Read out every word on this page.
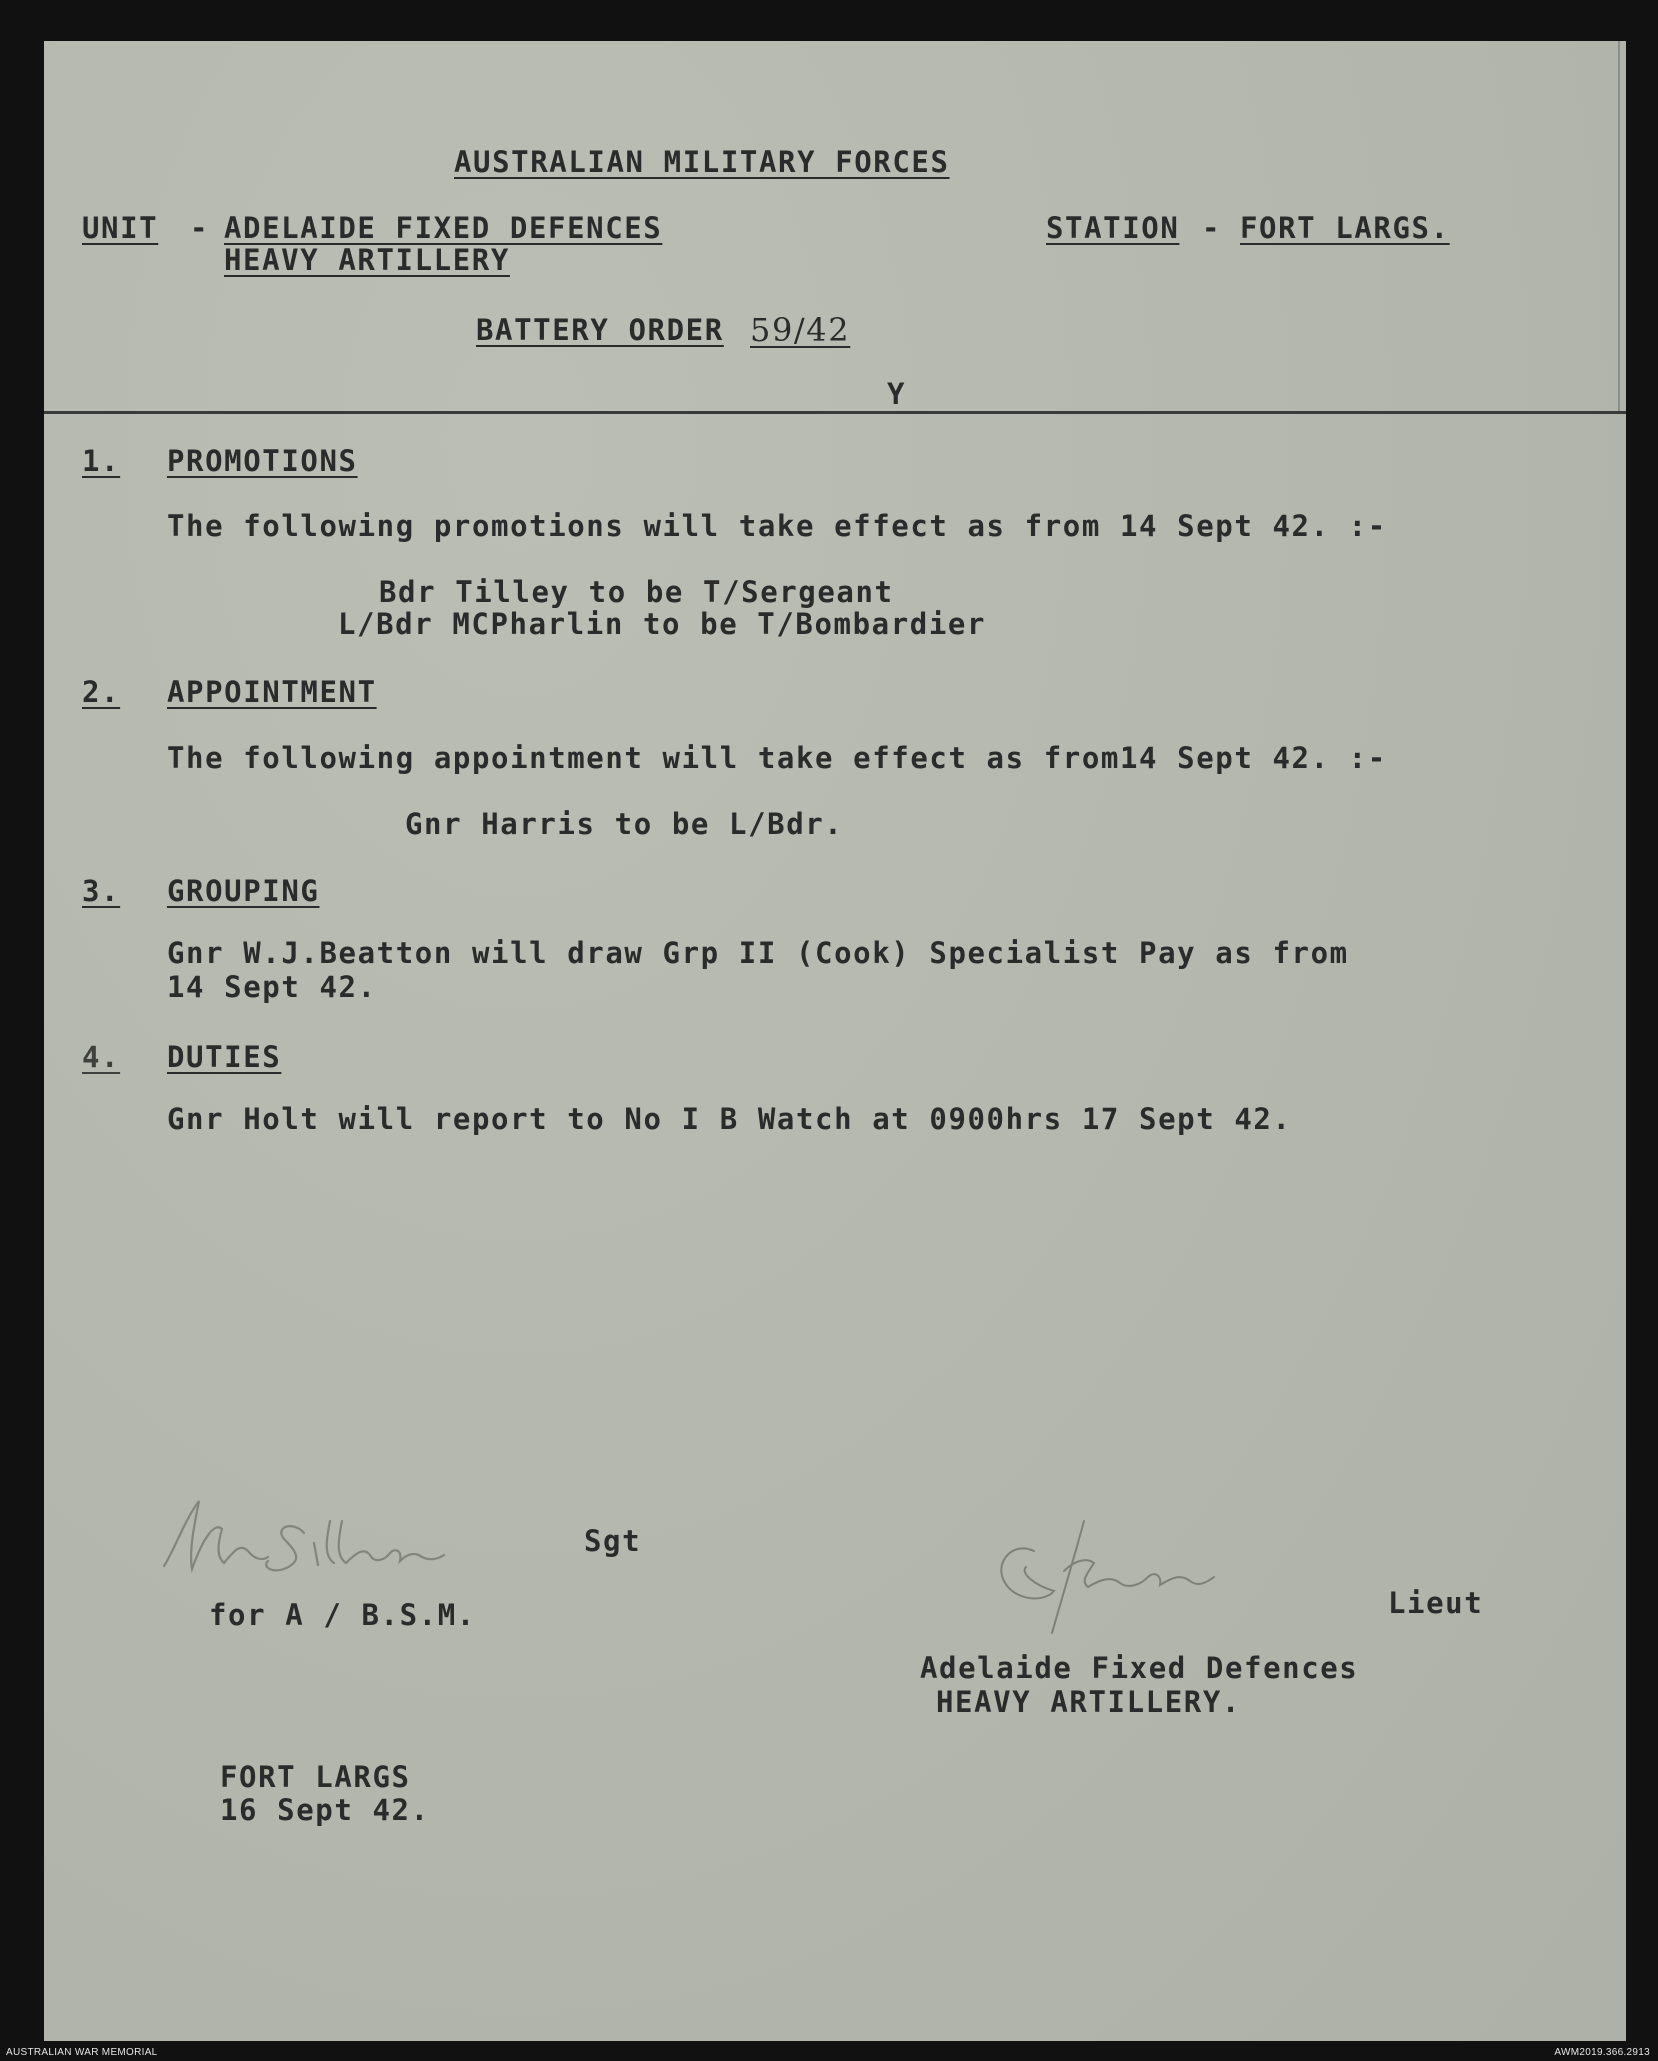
AUSTRALIAN MILITARY FORCES
UNIT - ADELAIDE FIXED DEFENCES
HEAVY ARTILLERY
STATION - FORT LARGS.
BATTERY ORDER 59/42
Y
1. PROMOTIONS
The following promotions will take effect as from 14 Sept 42. :-
Bdr Tilley to be T/Sergeant
L/Bdr MCPharlin to be T/Bombardier
2. APPOINTMENT
The following appointment will take effect as from14 Sept 42. :-
Gnr Harris to be L/Bdr.
3. GROUPING
Gnr W.J.Beatton will draw Grp II (Cook) Specialist Pay as from
14 Sept 42.
4. DUTIES
Gnr Holt will report to No I B Watch at 0900hrs 17 Sept 42.
Sgt
for A / B.S.M.	Lieut
Adelaide Fixed Defences
HEAVY ARTILLERY.
FORT LARGS
16 Sept 42.
AUSTRALIAN WAR MEMORIAL	AWM2019.366.2913
